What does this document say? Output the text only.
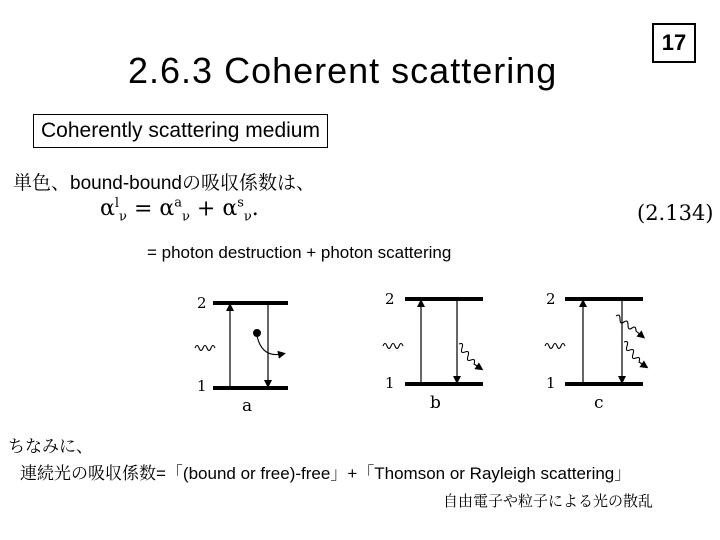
2.6.3 Coherent scattering
17
Coherently scattering medium
単色、bound-boundの吸収係数は、
$\alpha^l_\nu = \alpha^a_\nu + \alpha^s_\nu$.	(2.134)
= photon destruction + photon scattering
2
1
a
2
1
b
2
1
c
ちなみに、
連続光の吸収係数=「(bound or free)-free」+「Thomson or Rayleigh scattering」
自由電子や粒子による光の散乱
